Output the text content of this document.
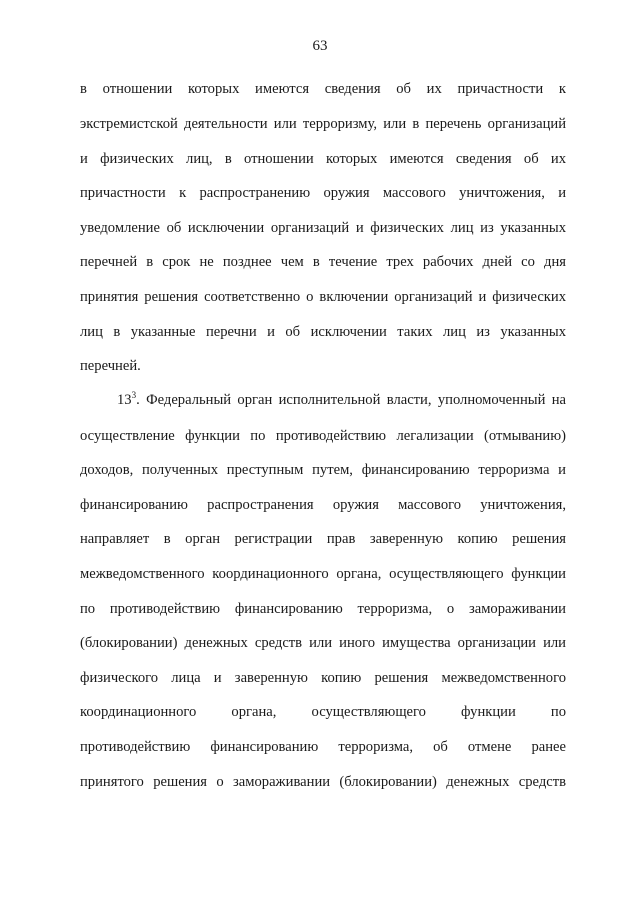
63
в отношении которых имеются сведения об их причастности к
экстремистской деятельности или терроризму, или в перечень организаций
и физических лиц, в отношении которых имеются сведения об их
причастности к распространению оружия массового уничтожения, и
уведомление об исключении организаций и физических лиц из указанных
перечней в срок не позднее чем в течение трех рабочих дней со дня
принятия решения соответственно о включении организаций и физических
лиц в указанные перечни и об исключении таких лиц из указанных
перечней.
$13^3$. Федеральный орган исполнительной власти, уполномоченный на
осуществление функции по противодействию легализации (отмыванию)
доходов, полученных преступным путем, финансированию терроризма и
финансированию распространения оружия массового уничтожения,
направляет в орган регистрации прав заверенную копию решения
межведомственного координационного органа, осуществляющего функции
по противодействию финансированию терроризма, о замораживании
(блокировании) денежных средств или иного имущества организации или
физического лица и заверенную копию решения межведомственного
координационного органа, осуществляющего функции по
противодействию финансированию терроризма, об отмене ранее
принятого решения о замораживании (блокировании) денежных средств
